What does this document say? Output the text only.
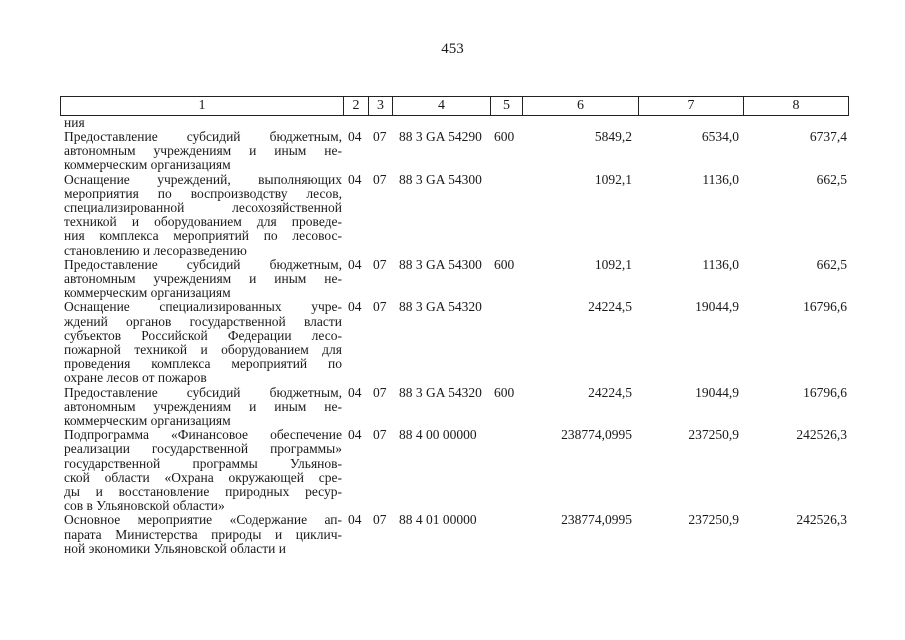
453
1	2	3	4	5	6	7	8
ния
Предоставление субсидий бюджетным,
автономным учреждениям и иным не-
коммерческим организациям
04 07 88 3 GA 54290 600	5849,2	6534,0	6737,4
Оснащение учреждений, выполняющих
мероприятия по воспроизводству лесов,
специализированной лесохозяйственной
техникой и оборудованием для проведе-
ния комплекса мероприятий по лесовос-
становлению и лесоразведению
04 07 88 3 GA 54300	1092,1	1136,0	662,5
Предоставление субсидий бюджетным,
автономным учреждениям и иным не-
коммерческим организациям
04 07 88 3 GA 54300 600	1092,1	1136,0	662,5
Оснащение специализированных учре-
ждений органов государственной власти
субъектов Российской Федерации лесо-
пожарной техникой и оборудованием для
проведения комплекса мероприятий по
охране лесов от пожаров
04 07 88 3 GA 54320	24224,5	19044,9	16796,6
Предоставление субсидий бюджетным,
автономным учреждениям и иным не-
коммерческим организациям
04 07 88 3 GA 54320 600	24224,5	19044,9	16796,6
Подпрограмма «Финансовое обеспечение
реализации государственной программы»
государственной программы Ульянов-
ской области «Охрана окружающей сре-
ды и восстановление природных ресур-
сов в Ульяновской области»
04 07 88 4 00 00000	238774,0995	237250,9	242526,3
Основное мероприятие «Содержание ап-
парата Министерства природы и циклич-
ной экономики Ульяновской области и
04 07 88 4 01 00000	238774,0995	237250,9	242526,3
